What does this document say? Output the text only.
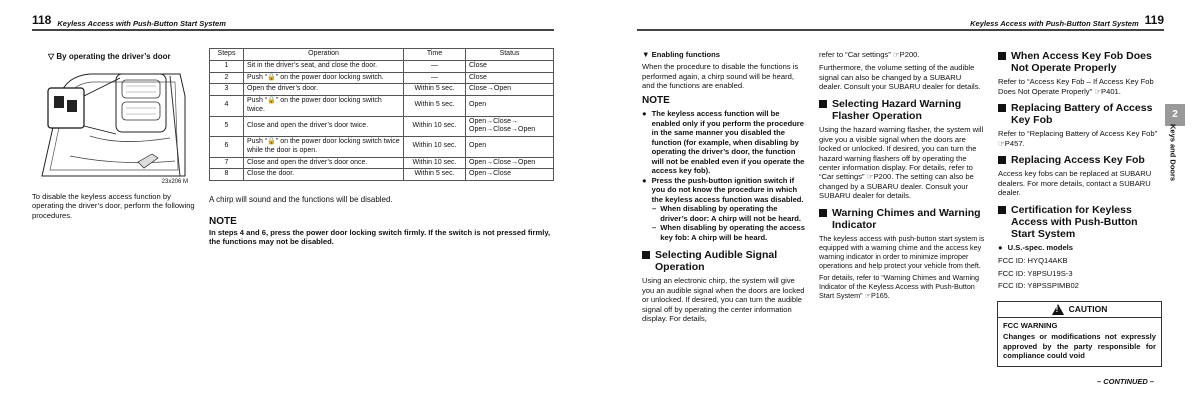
118 Keyless Access with Push-Button Start System
▽ By operating the driver’s door
23x206 M
To disable the keyless access function by operating the driver’s door, perform the following procedures.
Steps	Operation	Time	Status
1	Sit in the driver’s seat, and close the door.	—	Close
2	Push “🔒” on the power door locking switch.	—	Close
3	Open the driver’s door.	Within 5 sec.	Close→Open
4	Push “🔒” on the power door locking switch twice.	Within 5 sec.	Open
5	Close and open the driver’s door twice.	Within 10 sec.	Open→Close→ Open→Close→Open
6	Push “🔒” on the power door locking switch twice while the door is open.	Within 10 sec.	Open
7	Close and open the driver’s door once.	Within 10 sec.	Open→Close→Open
8	Close the door.	Within 5 sec.	Open→Close
A chirp will sound and the functions will be disabled.
NOTE
In steps 4 and 6, press the power door locking switch firmly. If the switch is not pressed firmly, the functions may not be disabled.
Keyless Access with Push-Button Start System 119
▼ Enabling functions

When the procedure to disable the functions is performed again, a chirp sound will be heard, and the functions are enabled.

NOTE
● The keyless access function will be enabled only if you perform the procedure in the same manner you disabled the function (for example, when disabling by operating the driver’s door, the function will not be enabled even if you operate the access key fob).
● Press the push-button ignition switch if you do not know the procedure in which the keyless access function was disabled.
– When disabling by operating the driver’s door: A chirp will not be heard.
– When disabling by operating the access key fob: A chirp will be heard.
Selecting Audible Signal Operation

Using an electronic chirp, the system will give you an audible signal when the doors are locked or unlocked. If desired, you can turn the audible signal off by operating the center information display. For details,

refer to “Car settings” ☞P200.

Furthermore, the volume setting of the audible signal can also be changed by a SUBARU dealer. Consult your SUBARU dealer for details.

Selecting Hazard Warning Flasher Operation

Using the hazard warning flasher, the system will give you a visible signal when the doors are locked or unlocked. If desired, you can turn the hazard warning flashers off by operating the center information display. For details, refer to “Car settings” ☞P200. The setting can also be changed by a SUBARU dealer. Consult your SUBARU dealer for details.

Warning Chimes and Warning Indicator

The keyless access with push-button start system is equipped with a warning chime and the access key warning indicator in order to minimize improper operations and help protect your vehicle from theft.

For details, refer to “Warning Chimes and Warning Indicator of the Keyless Access with Push-Button Start System” ☞P165.

When Access Key Fob Does Not Operate Properly

Refer to “Access Key Fob – If Access Key Fob Does Not Operate Properly” ☞P401.

Replacing Battery of Access Key Fob

Refer to “Replacing Battery of Access Key Fob” ☞P457.

Replacing Access Key Fob

Access key fobs can be replaced at SUBARU dealers. For more details, contact a SUBARU dealer.

Certification for Keyless Access with Push-Button Start System
● U.S.-spec. models

FCC ID: HYQ14AKB

FCC ID: Y8PSU19S-3

FCC ID: Y8PSSPIMB02

! CAUTION
FCC WARNING
Changes or modifications not expressly approved by the party responsible for compliance could void
– CONTINUED –
2
Keys and Doors
